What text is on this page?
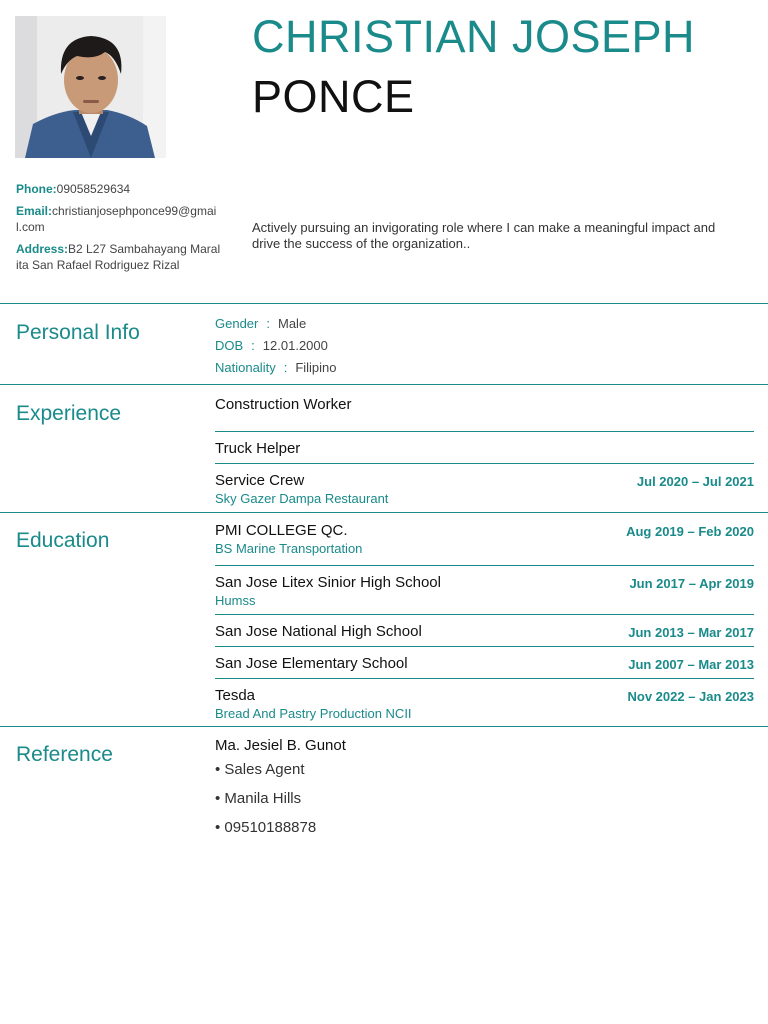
CHRISTIAN JOSEPH
PONCE
Phone:09058529634
Email:christianjosephponce99@gmail.com
Address:B2 L27 Sambahayang Maralita San Rafael Rodriguez Rizal
Actively pursuing an invigorating role where I can make a meaningful impact and drive the success of the organization..
Personal Info	Gender : Male
DOB : 12.01.2000
Nationality : Filipino
Experience	Construction Worker
Truck Helper
Service Crew	Jul 2020 – Jul 2021
Sky Gazer Dampa Restaurant
Education	PMI COLLEGE QC.	Aug 2019 – Feb 2020
BS Marine Transportation
San Jose Litex Sinior High School	Jun 2017 – Apr 2019
Humss
San Jose National High School	Jun 2013 – Mar 2017
San Jose Elementary School	Jun 2007 – Mar 2013
Tesda	Nov 2022 – Jan 2023
Bread And Pastry Production NCII
Reference	Ma. Jesiel B. Gunot
• Sales Agent
• Manila Hills
• 09510188878
